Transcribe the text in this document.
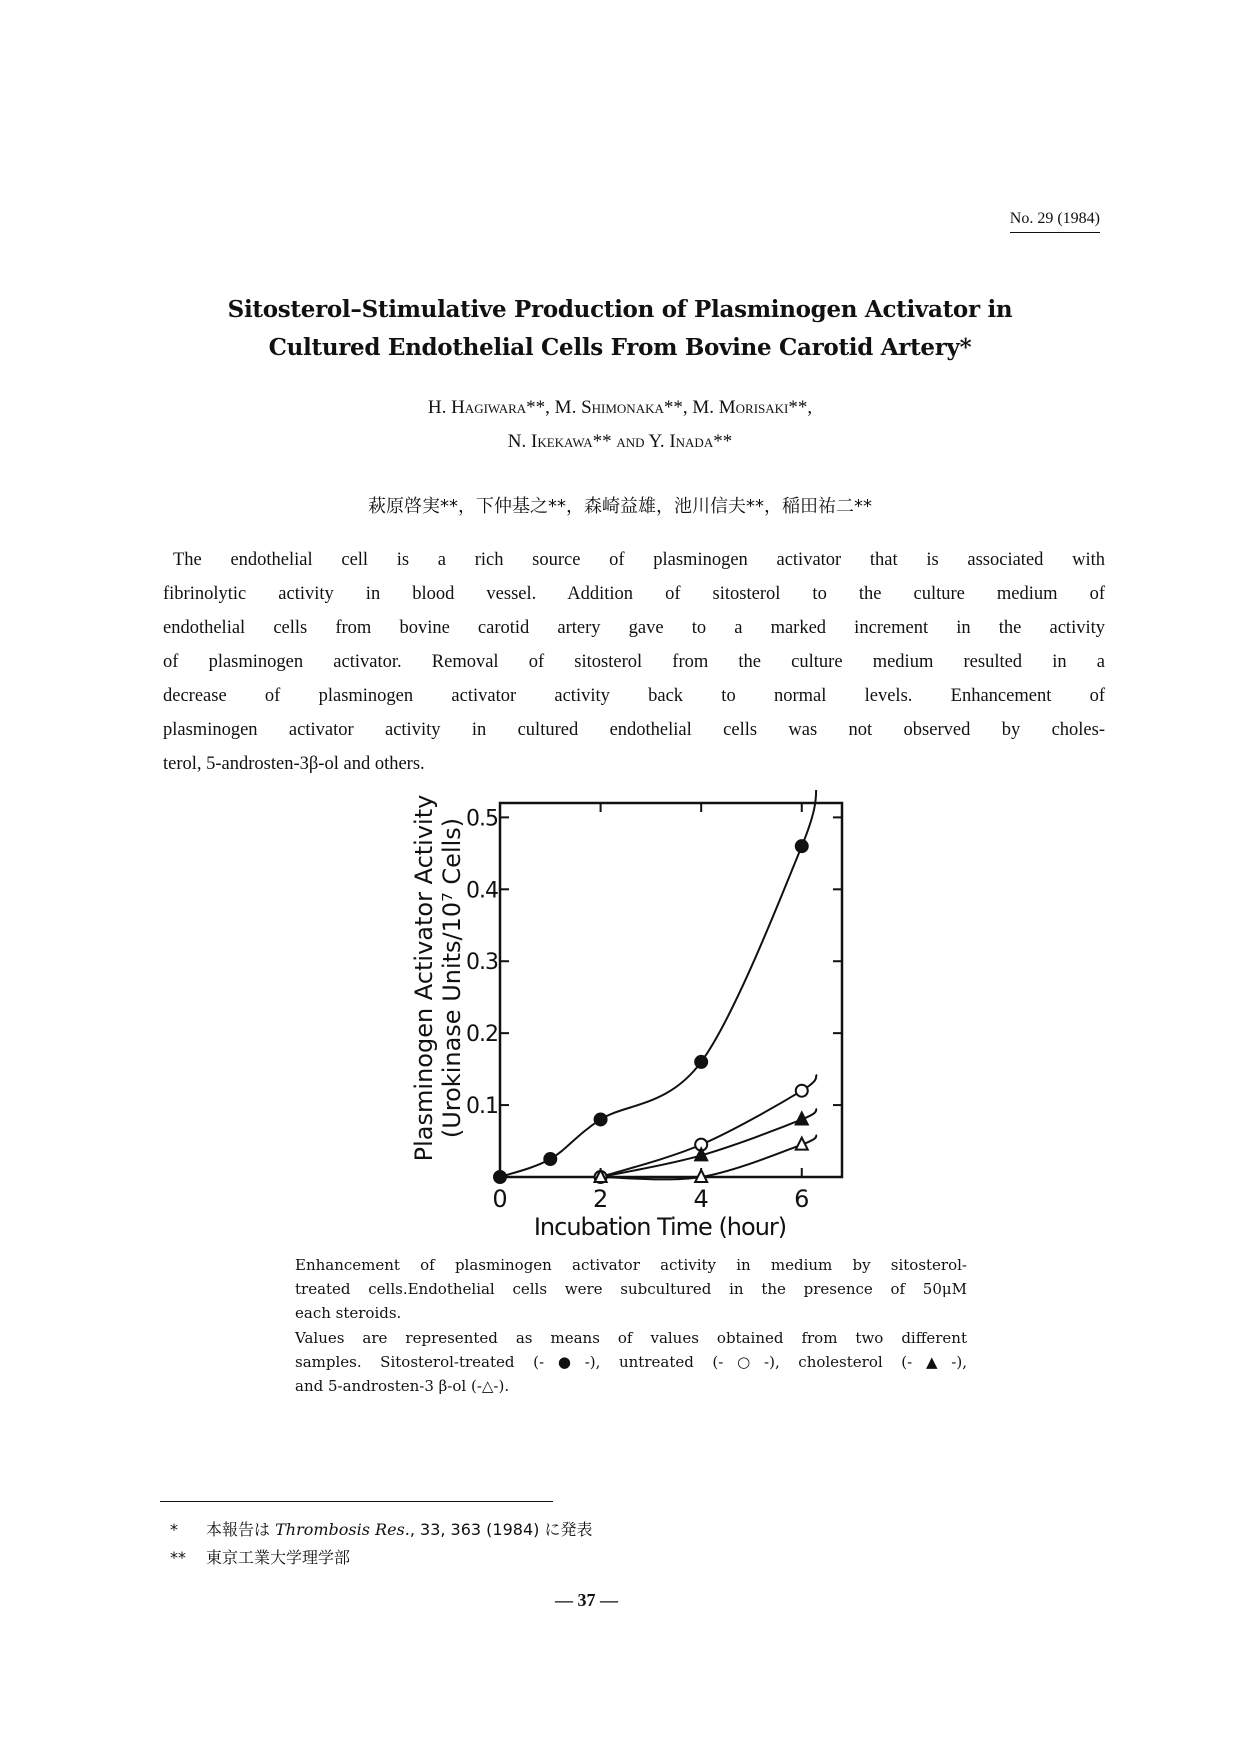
No. 29 (1984)
Sitosterol–Stimulative Production of Plasminogen Activator in
Cultured Endothelial Cells From Bovine Carotid Artery*
H. Hagiwara**, M. Shimonaka**, M. Morisaki**,
N. Ikekawa** and Y. Inada**
萩原啓実**，下仲基之**，森崎益雄，池川信夫**，稲田祐二**
The endothelial cell is a rich source of plasminogen activator that is associated with
fibrinolytic activity in blood vessel. Addition of sitosterol to the culture medium of
endothelial cells from bovine carotid artery gave to a marked increment in the activity
of plasminogen activator. Removal of sitosterol from the culture medium resulted in a
decrease of plasminogen activator activity back to normal levels. Enhancement of
plasminogen activator activity in cultured endothelial cells was not observed by choles-
terol, 5-androsten-3β-ol and others.
0	2	4	6
0.1
0.2
0.3
0.4
0.5
Plasminogen Activator Activity (Urokinase Units/10⁷ Cells)
Incubation Time (hour)
Enhancement of plasminogen activator activity in medium by sitosterol-
treated cells.Endothelial cells were subcultured in the presence of 50μM
each steroids.
Values are represented as means of values obtained from two different
samples. Sitosterol-treated (-●-), untreated (-○-), cholesterol (-▲-),
and 5-androsten-3 β-ol (-△-).
* 本報告は Thrombosis Res., 33, 363 (1984) に発表
** 東京工業大学理学部
— 37 —
